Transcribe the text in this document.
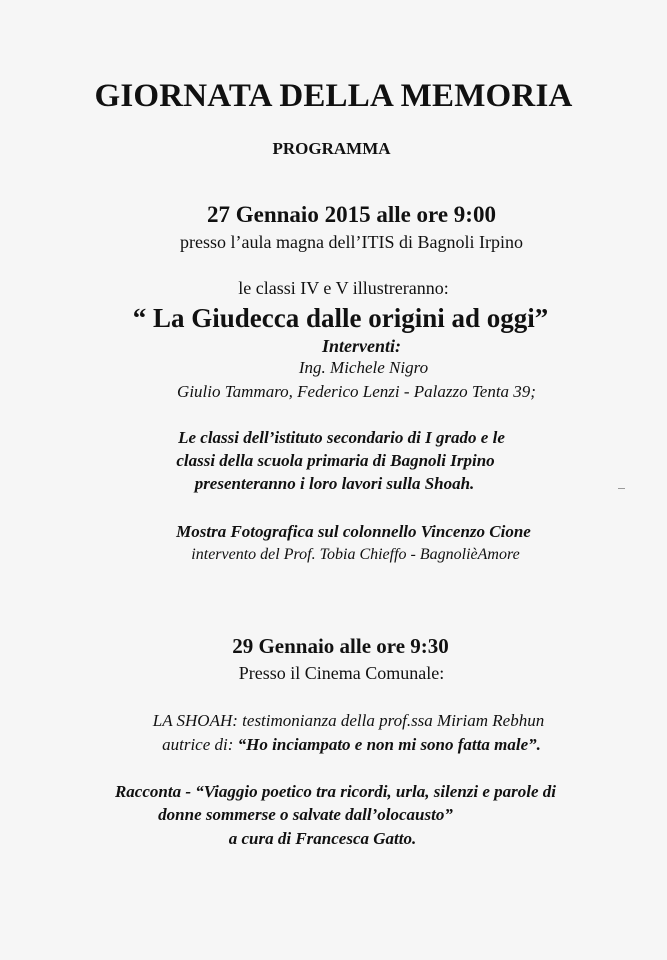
GIORNATA DELLA MEMORIA
PROGRAMMA
27 Gennaio 2015 alle ore 9:00
presso l’aula magna dell’ITIS di Bagnoli Irpino
le classi IV e V illustreranno:
“ La Giudecca dalle origini ad oggi”
Interventi:
Ing. Michele Nigro
Giulio Tammaro, Federico Lenzi - Palazzo Tenta 39;
Le classi dell’istituto secondario di I grado e le
classi della scuola primaria di Bagnoli Irpino
presenteranno i loro lavori sulla Shoah.
Mostra Fotografica sul colonnello Vincenzo Cione
intervento del Prof. Tobia Chieffo - BagnolièAmore
29 Gennaio alle ore 9:30
Presso il Cinema Comunale:
LA SHOAH: testimonianza della prof.ssa Miriam Rebhun
autrice di: “Ho inciampato e non mi sono fatta male”.
Racconta - “Viaggio poetico tra ricordi, urla, silenzi e parole di
donne sommerse o salvate dall’olocausto”
a cura di Francesca Gatto.
